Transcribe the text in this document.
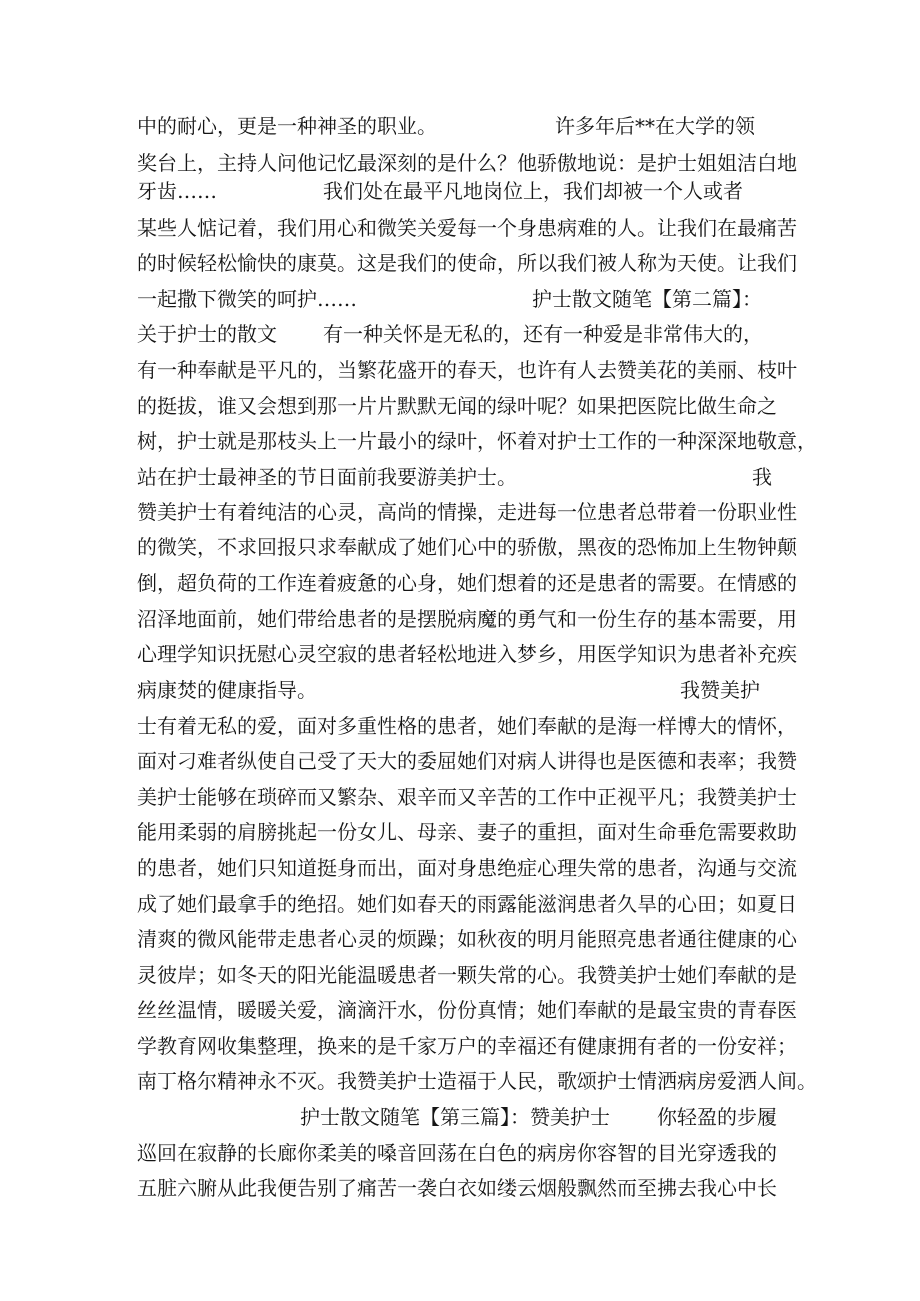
中的耐心，更是一种神圣的职业。	许多年后**在大学的领
奖台上，主持人问他记忆最深刻的是什么？他骄傲地说：是护士姐姐洁白地
牙齿……	我们处在最平凡地岗位上，我们却被一个人或者
某些人惦记着，我们用心和微笑关爱每一个身患病难的人。让我们在最痛苦
的时候轻松愉快的康莫。这是我们的使命，所以我们被人称为天使。让我们
一起撒下微笑的呵护……	护士散文随笔【第二篇】：
关于护士的散文 有一种关怀是无私的，还有一种爱是非常伟大的，
有一种奉献是平凡的，当繁花盛开的春天，也许有人去赞美花的美丽、枝叶
的挺拔，谁又会想到那一片片默默无闻的绿叶呢？如果把医院比做生命之
树，护士就是那枝头上一片最小的绿叶，怀着对护士工作的一种深深地敬意，
站在护士最神圣的节日面前我要游美护士。	我
赞美护士有着纯洁的心灵，高尚的情操，走进每一位患者总带着一份职业性
的微笑，不求回报只求奉献成了她们心中的骄傲，黑夜的恐怖加上生物钟颠
倒，超负荷的工作连着疲惫的心身，她们想着的还是患者的需要。在情感的
沼泽地面前，她们带给患者的是摆脱病魔的勇气和一份生存的基本需要，用
心理学知识抚慰心灵空寂的患者轻松地进入梦乡，用医学知识为患者补充疾
病康焚的健康指导。	我赞美护
士有着无私的爱，面对多重性格的患者，她们奉献的是海一样博大的情怀，
面对刁难者纵使自己受了天大的委屈她们对病人讲得也是医德和表率；我赞
美护士能够在琐碎而又繁杂、艰辛而又辛苦的工作中正视平凡；我赞美护士
能用柔弱的肩膀挑起一份女儿、母亲、妻子的重担，面对生命垂危需要救助
的患者，她们只知道挺身而出，面对身患绝症心理失常的患者，沟通与交流
成了她们最拿手的绝招。她们如春天的雨露能滋润患者久旱的心田；如夏日
清爽的微风能带走患者心灵的烦躁；如秋夜的明月能照亮患者通往健康的心
灵彼岸；如冬天的阳光能温暖患者一颗失常的心。我赞美护士她们奉献的是
丝丝温情，暖暖关爱，滴滴汗水，份份真情；她们奉献的是最宝贵的青春医
学教育网收集整理，换来的是千家万户的幸福还有健康拥有者的一份安祥；
南丁格尔精神永不灭。我赞美护士造福于人民，歌颂护士情洒病房爱洒人间。
护士散文随笔【第三篇】：赞美护士 你轻盈的步履
巡回在寂静的长廊你柔美的嗓音回荡在白色的病房你容智的目光穿透我的
五脏六腑从此我便告别了痛苦一袭白衣如缕云烟般飘然而至拂去我心中长
